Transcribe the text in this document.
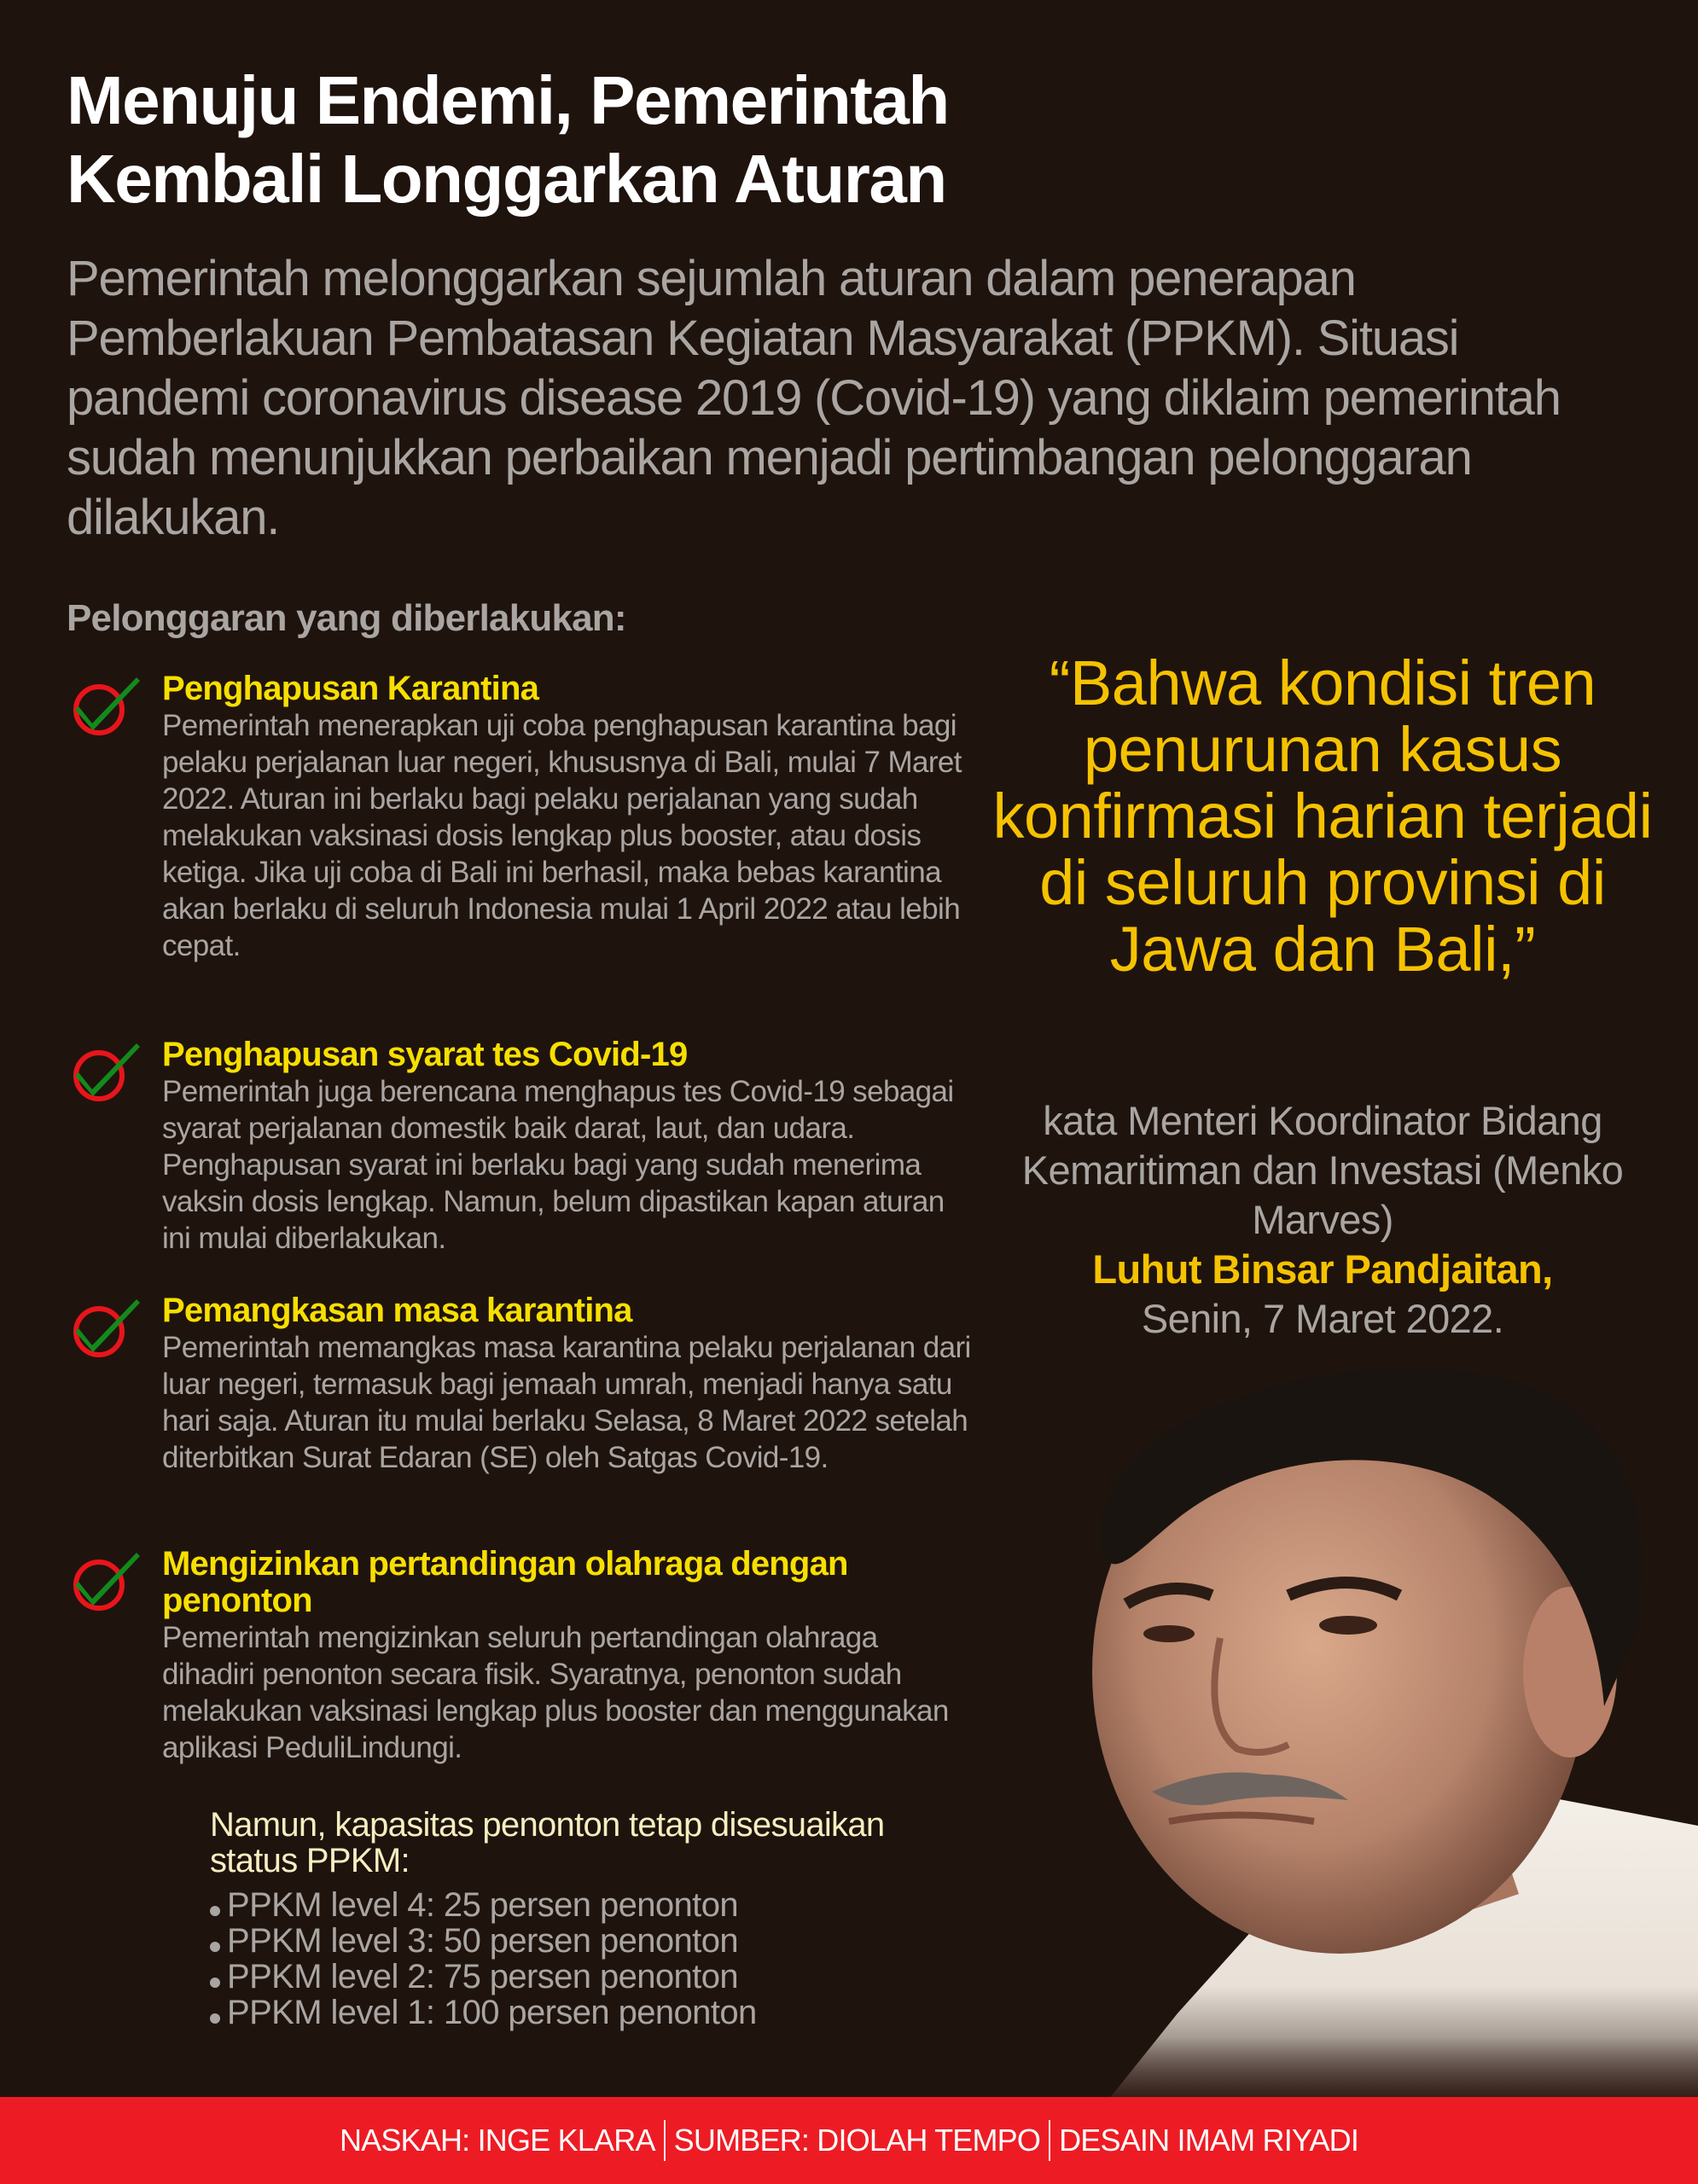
Menuju Endemi, Pemerintah
Kembali Longgarkan Aturan

Pemerintah melonggarkan sejumlah aturan dalam penerapan Pemberlakuan Pembatasan Kegiatan Masyarakat (PPKM). Situasi pandemi coronavirus disease 2019 (Covid-19) yang diklaim pemerintah sudah menunjukkan perbaikan menjadi pertimbangan pelonggaran dilakukan.

Pelonggaran yang diberlakukan:
Penghapusan Karantina
Pemerintah menerapkan uji coba penghapusan karantina bagi pelaku perjalanan luar negeri, khususnya di Bali, mulai 7 Maret 2022. Aturan ini berlaku bagi pelaku perjalanan yang sudah melakukan vaksinasi dosis lengkap plus booster, atau dosis ketiga. Jika uji coba di Bali ini berhasil, maka bebas karantina akan berlaku di seluruh Indonesia mulai 1 April 2022 atau lebih cepat.
Penghapusan syarat tes Covid-19
Pemerintah juga berencana menghapus tes Covid-19 sebagai syarat perjalanan domestik baik darat, laut, dan udara. Penghapusan syarat ini berlaku bagi yang sudah menerima vaksin dosis lengkap. Namun, belum dipastikan kapan aturan ini mulai diberlakukan.
Pemangkasan masa karantina
Pemerintah memangkas masa karantina pelaku perjalanan dari luar negeri, termasuk bagi jemaah umrah, menjadi hanya satu hari saja. Aturan itu mulai berlaku Selasa, 8 Maret 2022 setelah diterbitkan Surat Edaran (SE) oleh Satgas Covid-19.
Mengizinkan pertandingan olahraga dengan penonton
Pemerintah mengizinkan seluruh pertandingan olahraga dihadiri penonton secara fisik. Syaratnya, penonton sudah melakukan vaksinasi lengkap plus booster dan menggunakan aplikasi PeduliLindungi.
Namun, kapasitas penonton tetap disesuaikan status PPKM:
PPKM level 4: 25 persen penonton
PPKM level 3: 50 persen penonton
PPKM level 2: 75 persen penonton
PPKM level 1: 100 persen penonton
“Bahwa kondisi tren penurunan kasus konfirmasi harian terjadi di seluruh provinsi di Jawa dan Bali,”
kata Menteri Koordinator Bidang Kemaritiman dan Investasi (Menko Marves)
Luhut Binsar Pandjaitan,
Senin, 7 Maret 2022.
NASKAH: INGE KLARA SUMBER: DIOLAH TEMPO DESAIN IMAM RIYADI
